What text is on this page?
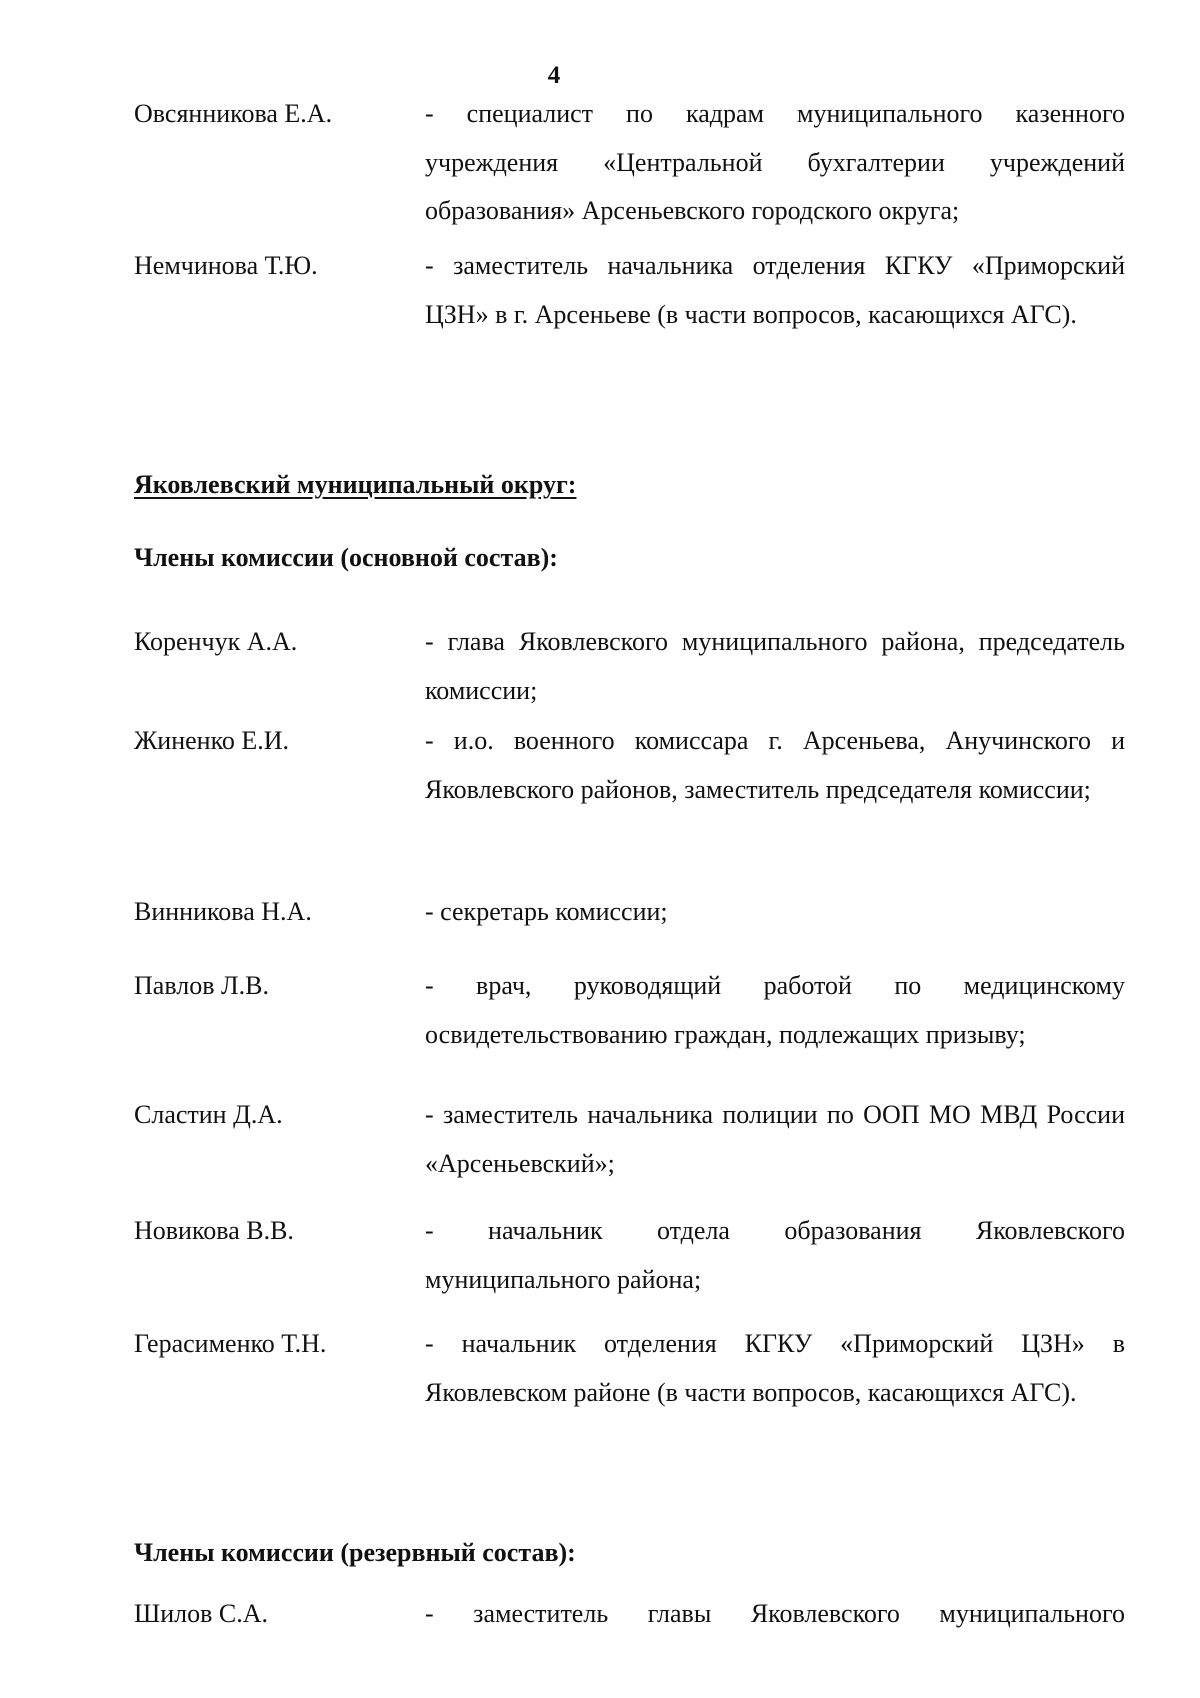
4
Овсянникова Е.А.	- специалист по кадрам муниципального казенного учреждения «Центральной бухгалтерии учреждений образования» Арсеньевского городского округа;
Немчинова Т.Ю.	- заместитель начальника отделения КГКУ «Приморский ЦЗН» в г. Арсеньеве (в части вопросов, касающихся АГС).
Яковлевский муниципальный округ:
Члены комиссии (основной состав):
Коренчук А.А.	- глава Яковлевского муниципального района, председатель комиссии;
Жиненко Е.И.	- и.о. военного комиссара г. Арсеньева, Анучинского и Яковлевского районов, заместитель председателя комиссии;
Винникова Н.А.	- секретарь комиссии;
Павлов Л.В.	- врач, руководящий работой по медицинскому освидетельствованию граждан, подлежащих призыву;
Сластин Д.А.	- заместитель начальника полиции по ООП МО МВД России «Арсеньевский»;
Новикова В.В.	- начальник отдела образования Яковлевского муниципального района;
Герасименко Т.Н.	- начальник отделения КГКУ «Приморский ЦЗН» в Яковлевском районе (в части вопросов, касающихся АГС).
Члены комиссии (резервный состав):
Шилов С.А.	- заместитель главы Яковлевского муниципального
